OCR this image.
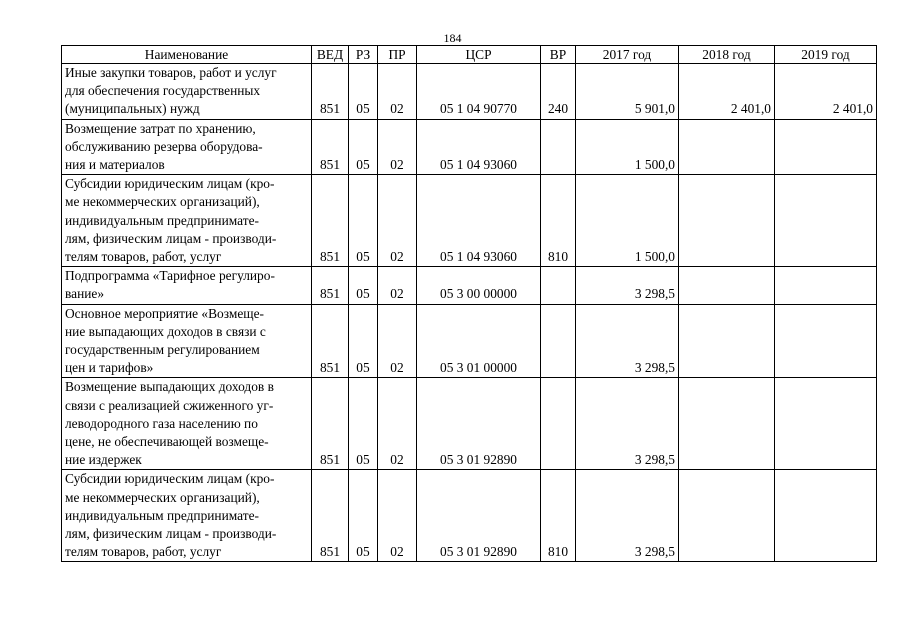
184
Наименование	ВЕД	РЗ	ПР	ЦСР	ВР	2017 год	2018 год	2019 год

Иные закупки товаров, работ и услуг
для обеспечения государственных
(муниципальных) нужд	851	05	02	05 1 04 90770	240	5 901,0	2 401,0	2 401,0

Возмещение затрат по хранению,
обслуживанию резерва оборудова-
ния и материалов	851	05	02	05 1 04 93060		1 500,0		

Субсидии юридическим лицам (кро-
ме некоммерческих организаций),
индивидуальным предпринимате-
лям, физическим лицам - производи-
телям товаров, работ, услуг	851	05	02	05 1 04 93060	810	1 500,0		

Подпрограмма «Тарифное регулиро-
вание»	851	05	02	05 3 00 00000		3 298,5		

Основное мероприятие «Возмеще-
ние выпадающих доходов в связи с
государственным регулированием
цен и тарифов»	851	05	02	05 3 01 00000		3 298,5		

Возмещение выпадающих доходов в
связи с реализацией сжиженного уг-
леводородного газа населению по
цене, не обеспечивающей возмеще-
ние издержек	851	05	02	05 3 01 92890		3 298,5		

Субсидии юридическим лицам (кро-
ме некоммерческих организаций),
индивидуальным предпринимате-
лям, физическим лицам - производи-
телям товаров, работ, услуг	851	05	02	05 3 01 92890	810	3 298,5		
